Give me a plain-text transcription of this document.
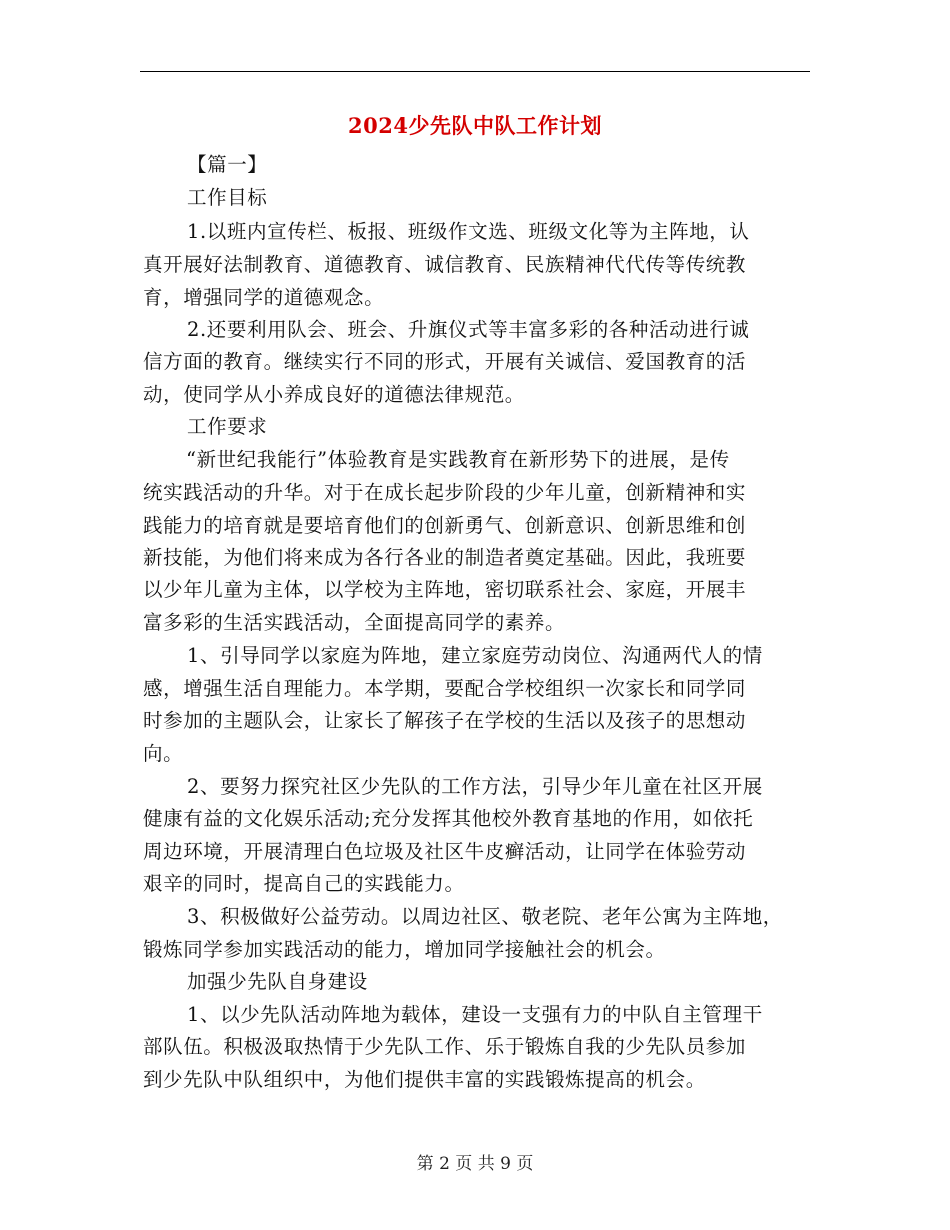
2024少先队中队工作计划
【篇一】
工作目标
1.以班内宣传栏、板报、班级作文选、班级文化等为主阵地，认
真开展好法制教育、道德教育、诚信教育、民族精神代代传等传统教
育，增强同学的道德观念。
2.还要利用队会、班会、升旗仪式等丰富多彩的各种活动进行诚
信方面的教育。继续实行不同的形式，开展有关诚信、爱国教育的活
动，使同学从小养成良好的道德法律规范。
工作要求
“新世纪我能行”体验教育是实践教育在新形势下的进展，是传
统实践活动的升华。对于在成长起步阶段的少年儿童，创新精神和实
践能力的培育就是要培育他们的创新勇气、创新意识、创新思维和创
新技能，为他们将来成为各行各业的制造者奠定基础。因此，我班要
以少年儿童为主体，以学校为主阵地，密切联系社会、家庭，开展丰
富多彩的生活实践活动，全面提高同学的素养。
1、引导同学以家庭为阵地，建立家庭劳动岗位、沟通两代人的情
感，增强生活自理能力。本学期，要配合学校组织一次家长和同学同
时参加的主题队会，让家长了解孩子在学校的生活以及孩子的思想动
向。
2、要努力探究社区少先队的工作方法，引导少年儿童在社区开展
健康有益的文化娱乐活动;充分发挥其他校外教育基地的作用，如依托
周边环境，开展清理白色垃圾及社区牛皮癣活动，让同学在体验劳动
艰辛的同时，提高自己的实践能力。
3、积极做好公益劳动。以周边社区、敬老院、老年公寓为主阵地，
锻炼同学参加实践活动的能力，增加同学接触社会的机会。
加强少先队自身建设
1、以少先队活动阵地为载体，建设一支强有力的中队自主管理干
部队伍。积极汲取热情于少先队工作、乐于锻炼自我的少先队员参加
到少先队中队组织中，为他们提供丰富的实践锻炼提高的机会。
第 2 页 共 9 页
